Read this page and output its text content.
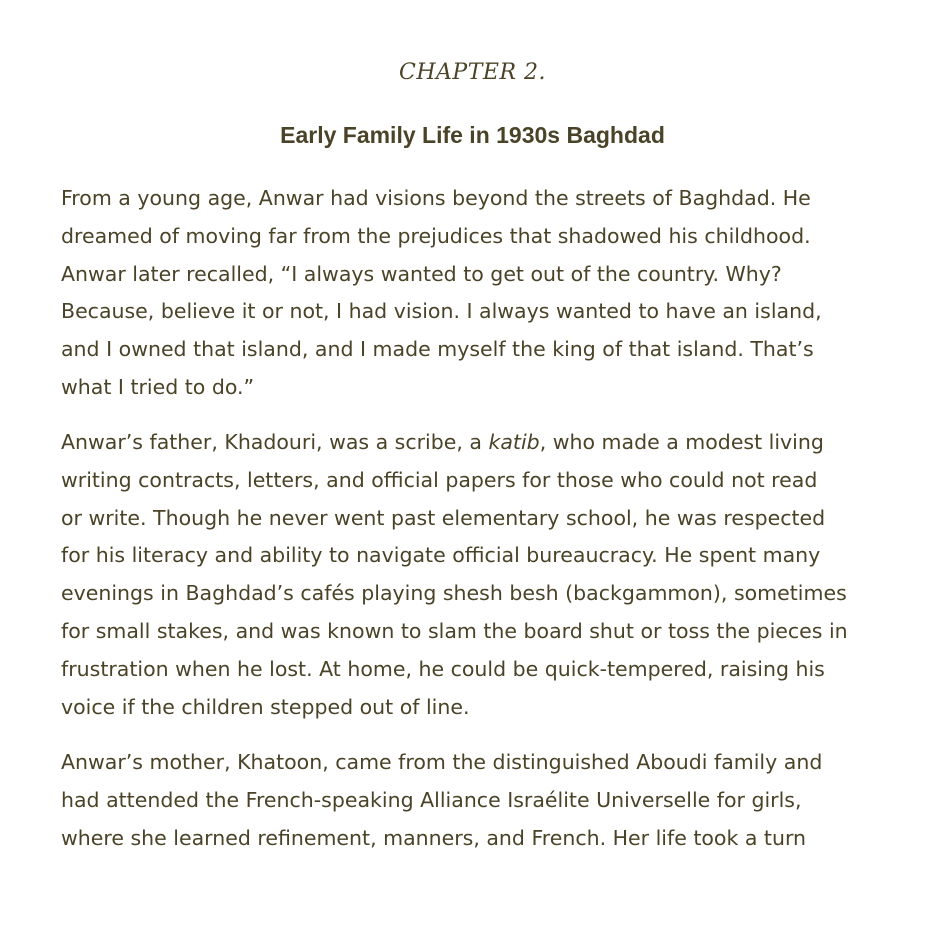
CHAPTER 2.
Early Family Life in 1930s Baghdad

From a young age, Anwar had visions beyond the streets of Baghdad. He
dreamed of moving far from the prejudices that shadowed his childhood.
Anwar later recalled, “I always wanted to get out of the country. Why?
Because, believe it or not, I had vision. I always wanted to have an island,
and I owned that island, and I made myself the king of that island. That’s
what I tried to do.”

Anwar’s father, Khadouri, was a scribe, a katib, who made a modest living
writing contracts, letters, and official papers for those who could not read
or write. Though he never went past elementary school, he was respected
for his literacy and ability to navigate official bureaucracy. He spent many
evenings in Baghdad’s cafés playing shesh besh (backgammon), sometimes
for small stakes, and was known to slam the board shut or toss the pieces in
frustration when he lost. At home, he could be quick-tempered, raising his
voice if the children stepped out of line.

Anwar’s mother, Khatoon, came from the distinguished Aboudi family and
had attended the French-speaking Alliance Israélite Universelle for girls,
where she learned refinement, manners, and French. Her life took a turn
